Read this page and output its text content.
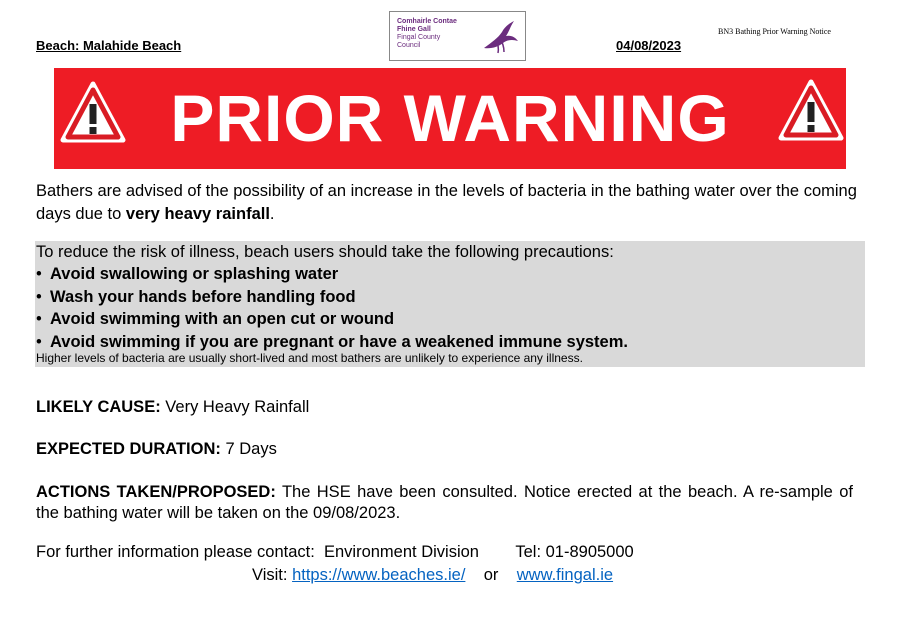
Beach: Malahide Beach
Comhairle Contae
Fhine Gall
Fingal County
Council
BN3 Bathing Prior Warning Notice
04/08/2023
PRIOR WARNING
Bathers are advised of the possibility of an increase in the levels of bacteria in the bathing water over the coming days due to very heavy rainfall.
To reduce the risk of illness, beach users should take the following precautions:
• Avoid swallowing or splashing water
• Wash your hands before handling food
• Avoid swimming with an open cut or wound
• Avoid swimming if you are pregnant or have a weakened immune system.
Higher levels of bacteria are usually short-lived and most bathers are unlikely to experience any illness.
LIKELY CAUSE: Very Heavy Rainfall
EXPECTED DURATION: 7 Days
ACTIONS TAKEN/PROPOSED: The HSE have been consulted. Notice erected at the beach. A re-sample of the bathing water will be taken on the 09/08/2023.
For further information please contact: Environment Division Tel: 01-8905000
Visit: https://www.beaches.ie/ or www.fingal.ie
